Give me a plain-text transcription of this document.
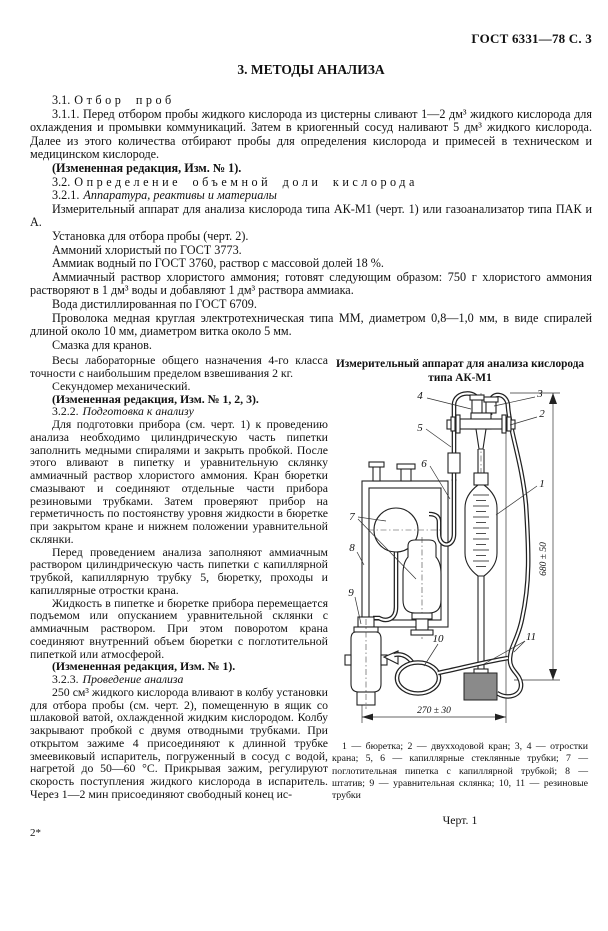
ГОСТ 6331—78 С. 3
3. МЕТОДЫ АНАЛИЗА

3.1. Отбор проб

3.1.1. Перед отбором пробы жидкого кислорода из цистерны сливают 1—2 дм³ жидкого кислорода для охлаждения и промывки коммуникаций. Затем в криогенный сосуд наливают 5 дм³ жидкого кислорода. Далее из этого количества отбирают пробы для определения кислорода и примесей в техническом и медицинском кислороде.

(Измененная редакция, Изм. № 1).

3.2. Определение объемной доли кислорода

3.2.1. Аппаратура, реактивы и материалы

Измерительный аппарат для анализа кислорода типа АК-М1 (черт. 1) или газоанализатор типа ПАК и А.

Установка для отбора пробы (черт. 2).

Аммоний хлористый по ГОСТ 3773.

Аммиак водный по ГОСТ 3760, раствор с массовой долей 18 %.

Аммиачный раствор хлористого аммония; готовят следующим образом: 750 г хлористого аммония растворяют в 1 дм³ воды и добавляют 1 дм³ раствора аммиака.

Вода дистиллированная по ГОСТ 6709.

Проволока медная круглая электротехническая типа ММ, диаметром 0,8—1,0 мм, в виде спиралей длиной около 10 мм, диаметром витка около 5 мм.

Смазка для кранов.

Весы лабораторные общего назначения 4-го класса точности с наибольшим пределом взвешивания 2 кг.

Секундомер механический.

(Измененная редакция, Изм. № 1, 2, 3).

3.2.2. Подготовка к анализу

Для подготовки прибора (см. черт. 1) к проведению анализа необходимо цилиндрическую часть пипетки заполнить медными спиралями и закрыть пробкой. После этого вливают в пипетку и уравнительную склянку аммиачный раствор хлористого аммония. Кран бюретки смазывают и соединяют отдельные части прибора резиновыми трубками. Затем проверяют прибор на герметичность по постоянству уровня жидкости в бюретке при закрытом кране и нижнем положении уравнительной склянки.

Перед проведением анализа заполняют аммиачным раствором цилиндрическую часть пипетки с капиллярной трубкой, капиллярную трубку 5, бюретку, проходы и капиллярные отростки крана.

Жидкость в пипетке и бюретке прибора перемещается подъемом или опусканием уравнительной склянки с аммиачным раствором. При этом поворотом крана соединяют внутренний объем бюретки с поглотительной пипеткой или атмосферой.

(Измененная редакция, Изм. № 1).

3.2.3. Проведение анализа

250 см³ жидкого кислорода вливают в колбу установки для отбора пробы (см. черт. 2), помещенную в ящик со шлаковой ватой, охлажденной жидким кислородом. Колбу закрывают пробкой с двумя отводными трубками. При открытом зажиме 4 присоединяют к длинной трубке змеевиковый испаритель, погруженный в сосуд с водой, нагретой до 50—60 °С. Прикрывая зажим, регулируют скорость поступления жидкого кислорода в испаритель. Через 1—2 мин присоединяют свободный конец ис-

Измерительный аппарат для анализа кислорода типа АК-М1
680 ± 50
270 ± 30
4	3
2
5
6
1
7
8
9
10	11
1 — бюретка; 2 — двухходовой кран; 3, 4 — отростки крана; 5, 6 — капиллярные стеклянные трубки; 7 — поглотительная пипетка с капиллярной трубкой; 8 — штатив; 9 — уравнительная склянка; 10, 11 — резиновые трубки
Черт. 1
2*
